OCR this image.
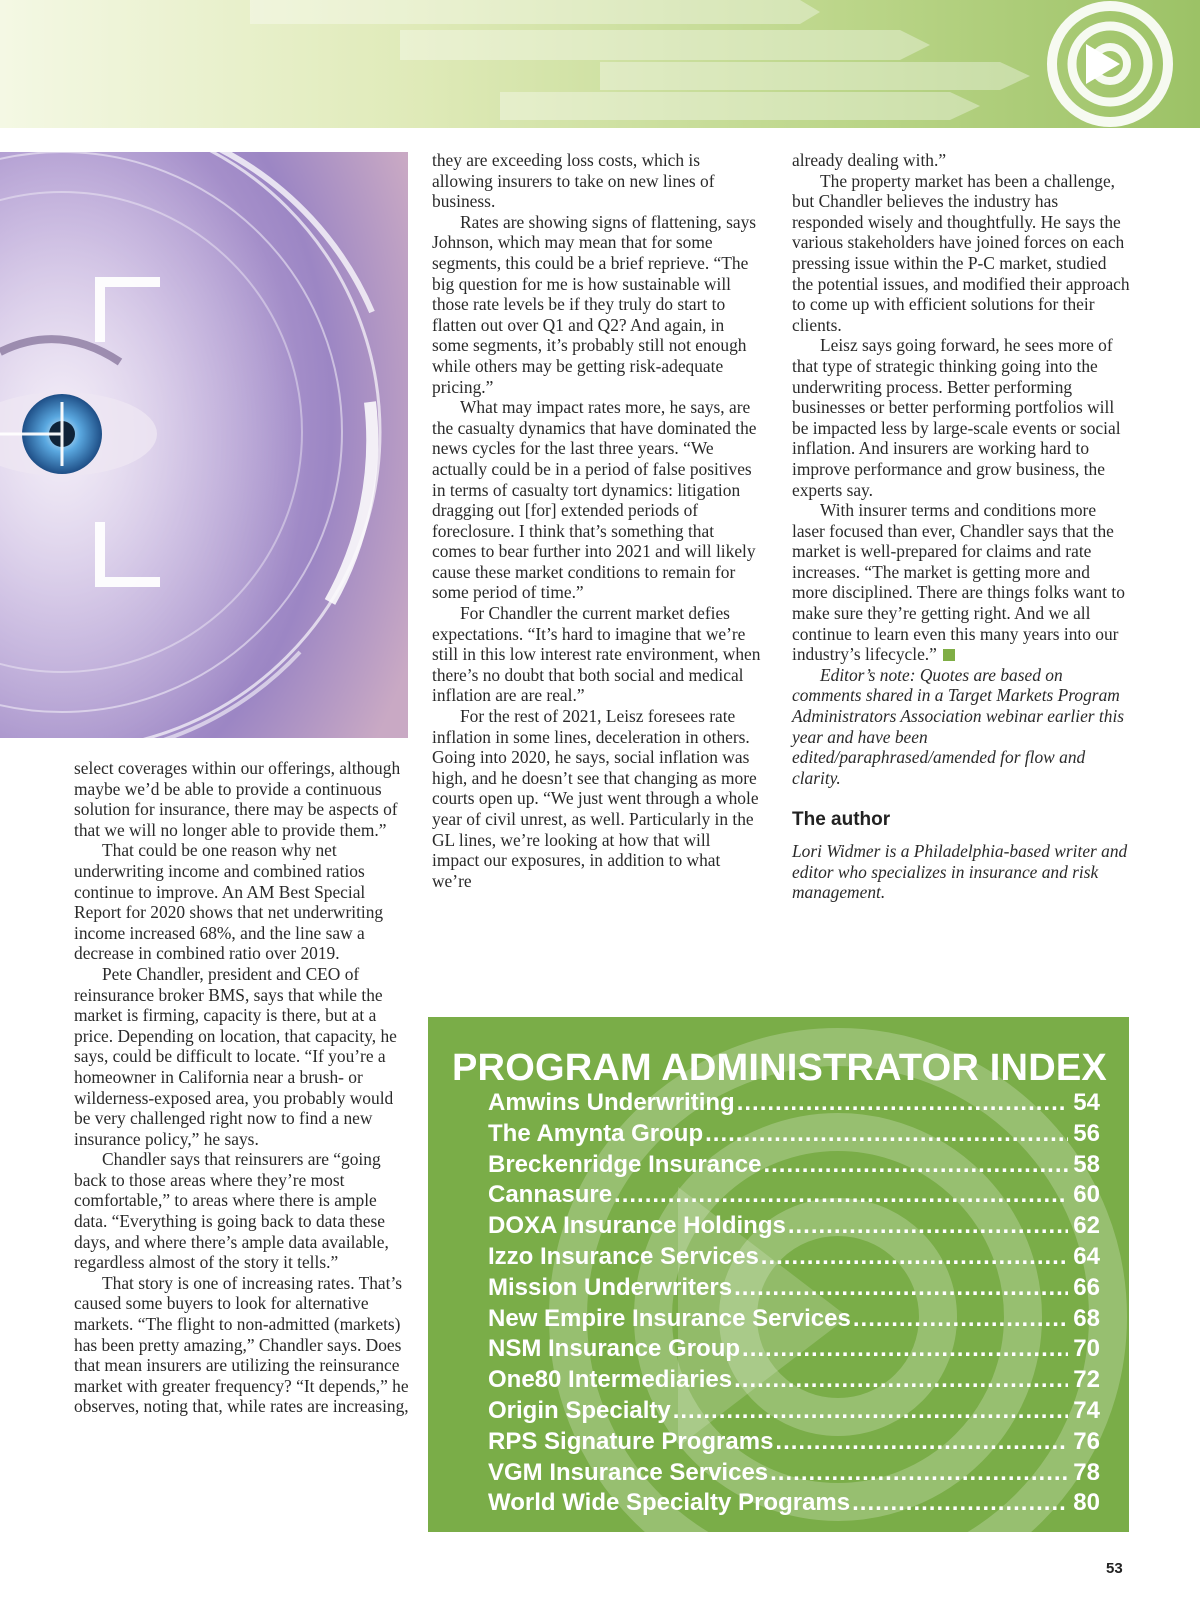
select coverages within our offerings, although maybe we’d be able to provide a continuous solution for insurance, there may be aspects of that we will no longer able to provide them.”

That could be one reason why net underwriting income and combined ratios continue to improve. An AM Best Special Report for 2020 shows that net underwriting income increased 68%, and the line saw a decrease in combined ratio over 2019.

Pete Chandler, president and CEO of reinsurance broker BMS, says that while the market is firming, capacity is there, but at a price. Depending on location, that capacity, he says, could be difficult to locate. “If you’re a homeowner in California near a brush- or wilderness-exposed area, you probably would be very challenged right now to find a new insurance policy,” he says.

Chandler says that reinsurers are “going back to those areas where they’re most comfortable,” to areas where there is ample data. “Everything is going back to data these days, and where there’s ample data available, regardless almost of the story it tells.”

That story is one of increasing rates. That’s caused some buyers to look for alternative markets. “The flight to non-admitted (markets) has been pretty amazing,” Chandler says. Does that mean insurers are utilizing the reinsurance market with greater frequency? “It depends,” he observes, noting that, while rates are increasing,

they are exceeding loss costs, which is allowing insurers to take on new lines of business.

Rates are showing signs of flattening, says Johnson, which may mean that for some segments, this could be a brief reprieve. “The big question for me is how sustainable will those rate levels be if they truly do start to flatten out over Q1 and Q2? And again, in some segments, it’s probably still not enough while others may be getting risk-adequate pricing.”

What may impact rates more, he says, are the casualty dynamics that have dominated the news cycles for the last three years. “We actually could be in a period of false positives in terms of casualty tort dynamics: litigation dragging out [for] extended periods of foreclosure. I think that’s something that comes to bear further into 2021 and will likely cause these market conditions to remain for some period of time.”

For Chandler the current market defies expectations. “It’s hard to imagine that we’re still in this low interest rate environment, when there’s no doubt that both social and medical inflation are are real.”

For the rest of 2021, Leisz foresees rate inflation in some lines, deceleration in others. Going into 2020, he says, social inflation was high, and he doesn’t see that changing as more courts open up. “We just went through a whole year of civil unrest, as well. Particularly in the GL lines, we’re looking at how that will impact our exposures, in addition to what we’re

already dealing with.”

The property market has been a challenge, but Chandler believes the industry has responded wisely and thoughtfully. He says the various stakeholders have joined forces on each pressing issue within the P-C market, studied the potential issues, and modified their approach to come up with efficient solutions for their clients.

Leisz says going forward, he sees more of that type of strategic thinking going into the underwriting process. Better performing businesses or better performing portfolios will be impacted less by large-scale events or social inflation. And insurers are working hard to improve performance and grow business, the experts say.

With insurer terms and conditions more laser focused than ever, Chandler says that the market is well-prepared for claims and rate increases. “The market is getting more and more disciplined. There are things folks want to make sure they’re getting right. And we all continue to learn even this many years into our industry’s lifecycle.”

Editor’s note: Quotes are based on comments shared in a Target Markets Program Administrators Association webinar earlier this year and have been edited/paraphrased/amended for flow and clarity.

The author

Lori Widmer is a Philadelphia-based writer and editor who specializes in insurance and risk management.

PROGRAM ADMINISTRATOR INDEX
Amwins Underwriting .....	54
The Amynta Group .....	56
Breckenridge Insurance .....	58
Cannasure .....	60
DOXA Insurance Holdings .....	62
Izzo Insurance Services .....	64
Mission Underwriters .....	66
New Empire Insurance Services .....	68
NSM Insurance Group .....	70
One80 Intermediaries .....	72
Origin Specialty .....	74
RPS Signature Programs .....	76
VGM Insurance Services .....	78
World Wide Specialty Programs .....	80
53
